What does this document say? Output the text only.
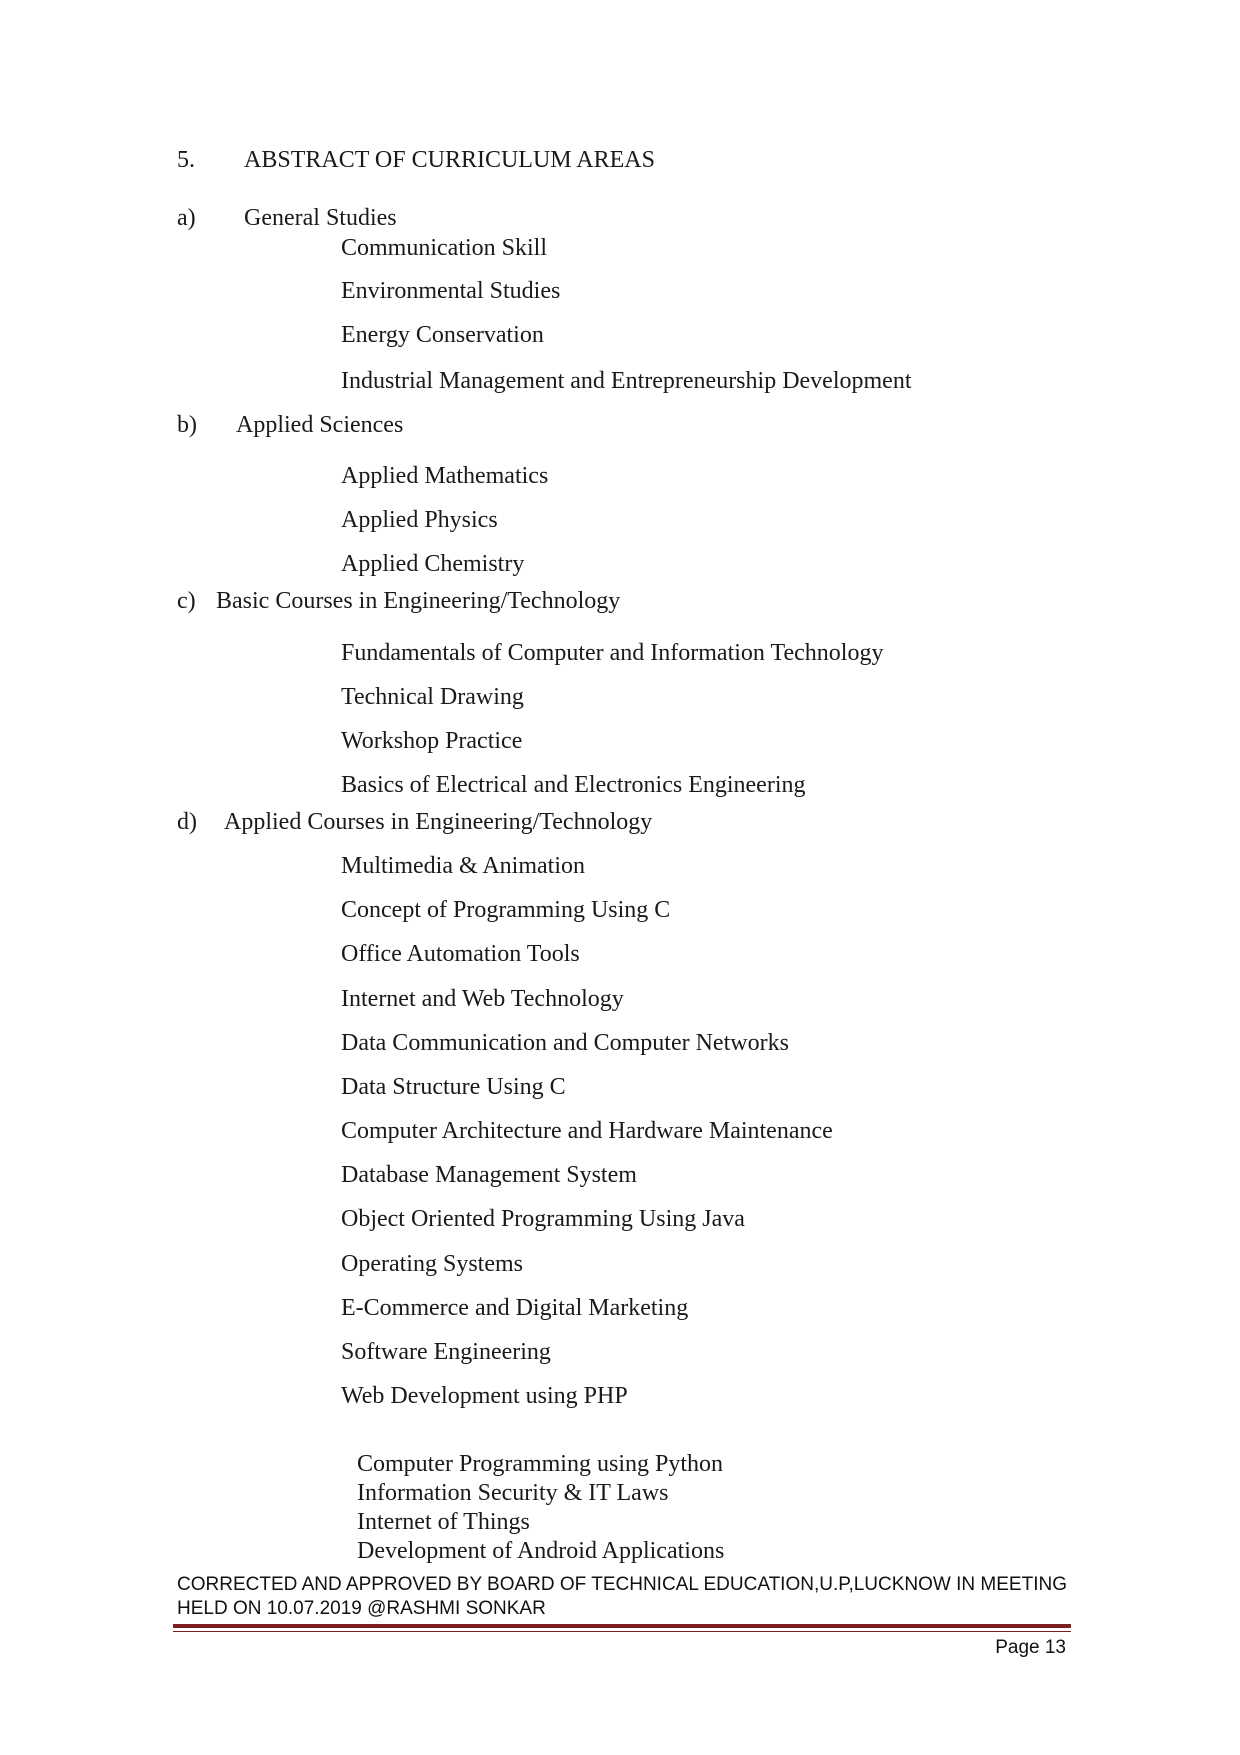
5. ABSTRACT OF CURRICULUM AREAS
a) General Studies
Communication Skill
Environmental Studies
Energy Conservation
Industrial Management and Entrepreneurship Development
b) Applied Sciences
Applied Mathematics
Applied Physics
Applied Chemistry
c) Basic Courses in Engineering/Technology
Fundamentals of Computer and Information Technology
Technical Drawing
Workshop Practice
Basics of Electrical and Electronics Engineering
d) Applied Courses in Engineering/Technology
Multimedia & Animation
Concept of Programming Using C
Office Automation Tools
Internet and Web Technology
Data Communication and Computer Networks
Data Structure Using C
Computer Architecture and Hardware Maintenance
Database Management System
Object Oriented Programming Using Java
Operating Systems
E-Commerce and Digital Marketing
Software Engineering
Web Development using PHP
Computer Programming using Python
Information Security & IT Laws
Internet of Things
Development of Android Applications
CORRECTED AND APPROVED BY BOARD OF TECHNICAL EDUCATION,U.P,LUCKNOW IN MEETING
HELD ON 10.07.2019 @RASHMI SONKAR
Page 13
